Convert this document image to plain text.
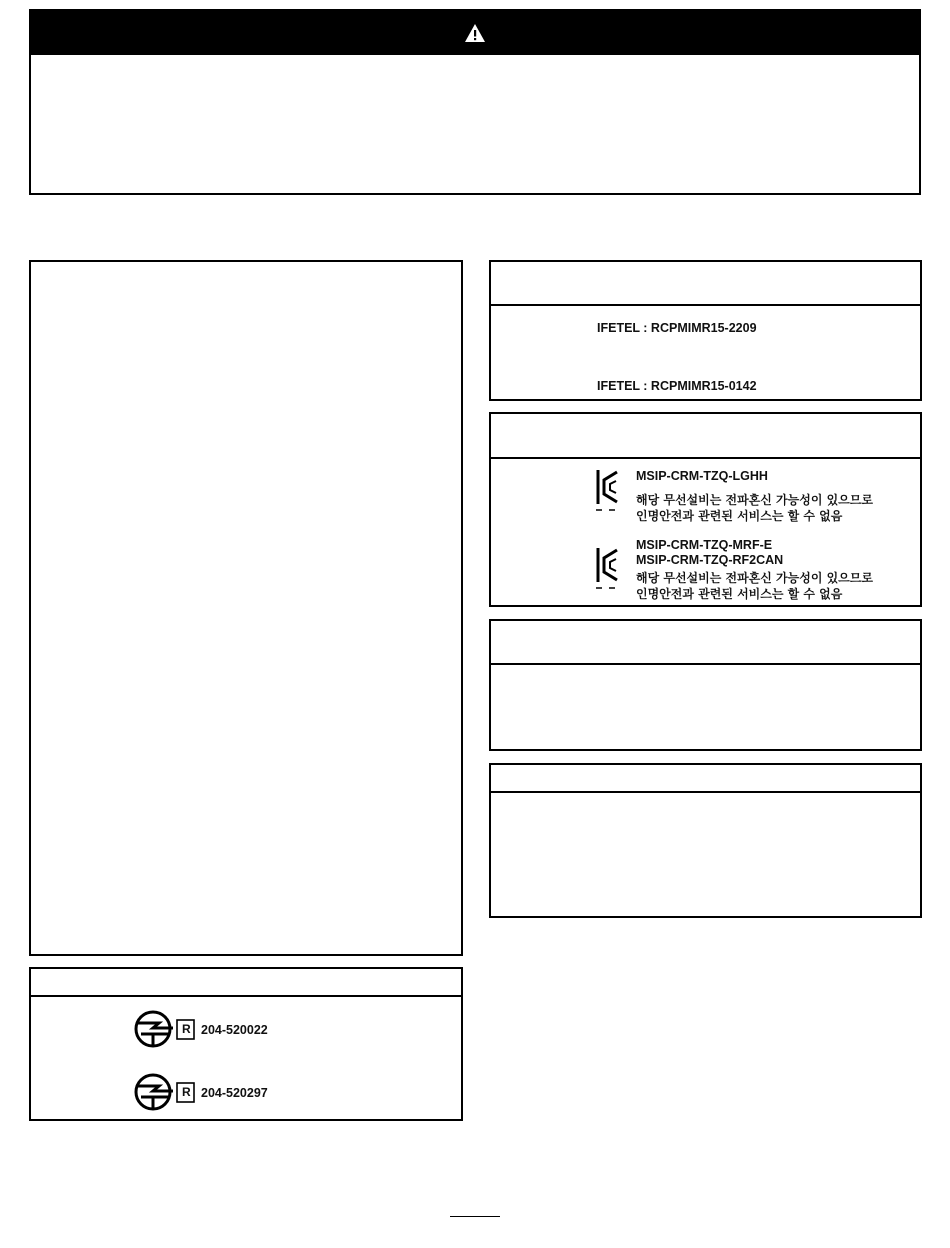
R 204-520022
R 204-520297
IFETEL : RCPMIMR15-2209
IFETEL : RCPMIMR15-0142
MSIP-CRM-TZQ-LGHH
해당 무선설비는 전파혼신 가능성이 있으므로
인명안전과 관련된 서비스는 할 수 없음
MSIP-CRM-TZQ-MRF-E
MSIP-CRM-TZQ-RF2CAN
해당 무선설비는 전파혼신 가능성이 있으므로
인명안전과 관련된 서비스는 할 수 없음
